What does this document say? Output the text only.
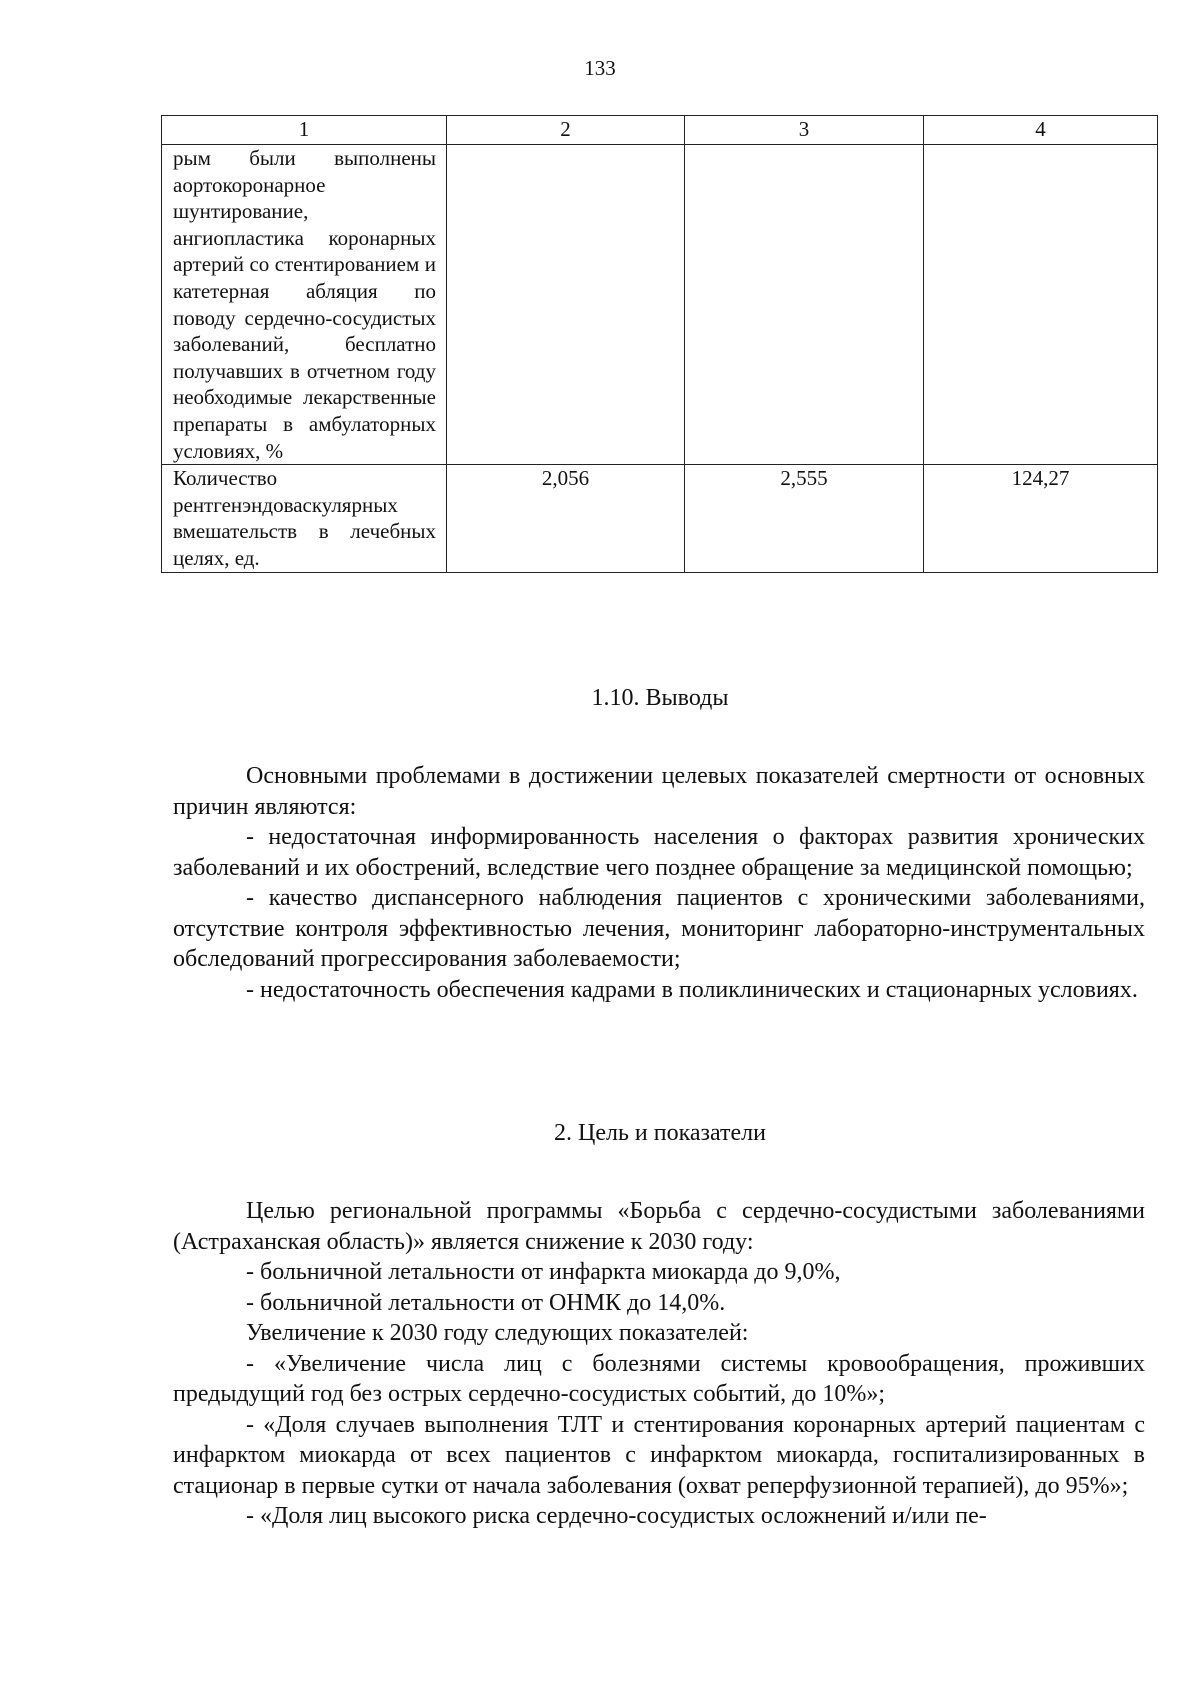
133
1	2	3	4
рым были выполнены аортокоронарное шунтирование, ангиопластика коронарных артерий со стентированием и катетерная абляция по поводу сердечно-сосудистых заболеваний, бесплатно получавших в отчетном году необходимые лекарственные препараты в амбулаторных условиях, %			
Количество рентгенэндоваскулярных вмешательств в лечебных целях, ед.	2,056	2,555	124,27
1.10. Выводы

Основными проблемами в достижении целевых показателей смертности от основных причин являются:

- недостаточная информированность населения о факторах развития хронических заболеваний и их обострений, вследствие чего позднее обращение за медицинской помощью;

- качество диспансерного наблюдения пациентов с хроническими заболеваниями, отсутствие контроля эффективностью лечения, мониторинг лабораторно-инструментальных обследований прогрессирования заболеваемости;

- недостаточность обеспечения кадрами в поликлинических и стационарных условиях.

2. Цель и показатели

Целью региональной программы «Борьба с сердечно-сосудистыми заболеваниями (Астраханская область)» является снижение к 2030 году:

- больничной летальности от инфаркта миокарда до 9,0%,

- больничной летальности от ОНМК до 14,0%.

Увеличение к 2030 году следующих показателей:

- «Увеличение числа лиц с болезнями системы кровообращения, проживших предыдущий год без острых сердечно-сосудистых событий, до 10%»;

- «Доля случаев выполнения ТЛТ и стентирования коронарных артерий пациентам с инфарктом миокарда от всех пациентов с инфарктом миокарда, госпитализированных в стационар в первые сутки от начала заболевания (охват реперфузионной терапией), до 95%»;

- «Доля лиц высокого риска сердечно-сосудистых осложнений и/или пе-
